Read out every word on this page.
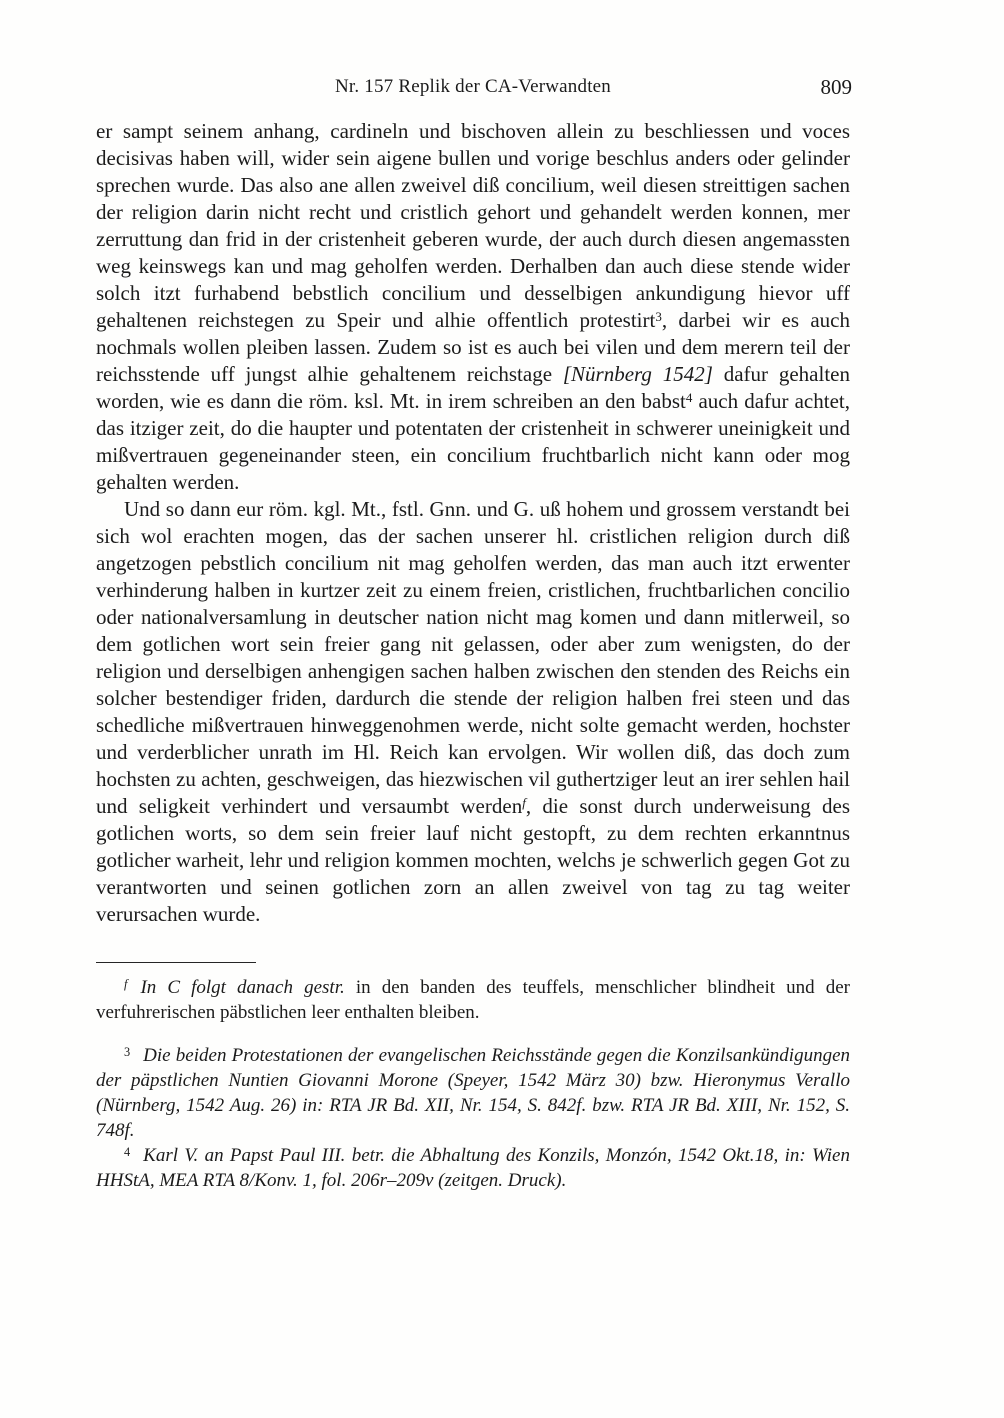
Nr. 157 Replik der CA-Verwandten	809

er sampt seinem anhang, cardineln und bischoven allein zu beschliessen und voces decisivas haben will, wider sein aigene bullen und vorige beschlus anders oder gelinder sprechen wurde. Das also ane allen zweivel diß concilium, weil diesen streittigen sachen der religion darin nicht recht und cristlich gehort und gehandelt werden konnen, mer zerruttung dan frid in der cristenheit geberen wurde, der auch durch diesen angemassten weg keinswegs kan und mag geholfen werden. Derhalben dan auch diese stende wider solch itzt furhabend bebstlich concilium und desselbigen ankundigung hievor uff gehaltenen reichstegen zu Speir und alhie offentlich protestirt$^3$, darbei wir es auch nochmals wollen pleiben lassen. Zudem so ist es auch bei vilen und dem merern teil der reichsstende uff jungst alhie gehaltenem reichstage [Nürnberg 1542] dafur gehalten worden, wie es dann die röm. ksl. Mt. in irem schreiben an den babst$^4$ auch dafur achtet, das itziger zeit, do die haupter und potentaten der cristenheit in schwerer uneinigkeit und mißvertrauen gegeneinander steen, ein concilium fruchtbarlich nicht kann oder mog gehalten werden.

Und so dann eur röm. kgl. Mt., fstl. Gnn. und G. uß hohem und grossem verstandt bei sich wol erachten mogen, das der sachen unserer hl. cristlichen religion durch diß angetzogen pebstlich concilium nit mag geholfen werden, das man auch itzt erwenter verhinderung halben in kurtzer zeit zu einem freien, cristlichen, fruchtbarlichen concilio oder nationalversamlung in deutscher nation nicht mag komen und dann mitlerweil, so dem gotlichen wort sein freier gang nit gelassen, oder aber zum wenigsten, do der religion und derselbigen anhengigen sachen halben zwischen den stenden des Reichs ein solcher bestendiger friden, dardurch die stende der religion halben frei steen und das schedliche mißvertrauen hinweggenohmen werde, nicht solte gemacht werden, hochster und verderblicher unrath im Hl. Reich kan ervolgen. Wir wollen diß, das doch zum hochsten zu achten, geschweigen, das hiezwischen vil guthertziger leut an irer sehlen hail und seligkeit verhindert und versaumbt werden$^f$, die sonst durch underweisung des gotlichen worts, so dem sein freier lauf nicht gestopft, zu dem rechten erkanntnus gotlicher warheit, lehr und religion kommen mochten, welchs je schwerlich gegen Got zu verantworten und seinen gotlichen zorn an allen zweivel von tag zu tag weiter verursachen wurde.

$^f$ In C folgt danach gestr. in den banden des teuffels, menschlicher blindheit und der verfuhrerischen päbstlichen leer enthalten bleiben.

$^3$ Die beiden Protestationen der evangelischen Reichsstände gegen die Konzilsankündigungen der päpstlichen Nuntien Giovanni Morone (Speyer, 1542 März 30) bzw. Hieronymus Verallo (Nürnberg, 1542 Aug. 26) in: RTA JR Bd. XII, Nr. 154, S. 842f. bzw. RTA JR Bd. XIII, Nr. 152, S. 748f.

$^4$ Karl V. an Papst Paul III. betr. die Abhaltung des Konzils, Monzón, 1542 Okt.18, in: Wien HHStA, MEA RTA 8/Konv. 1, fol. 206r–209v (zeitgen. Druck).
